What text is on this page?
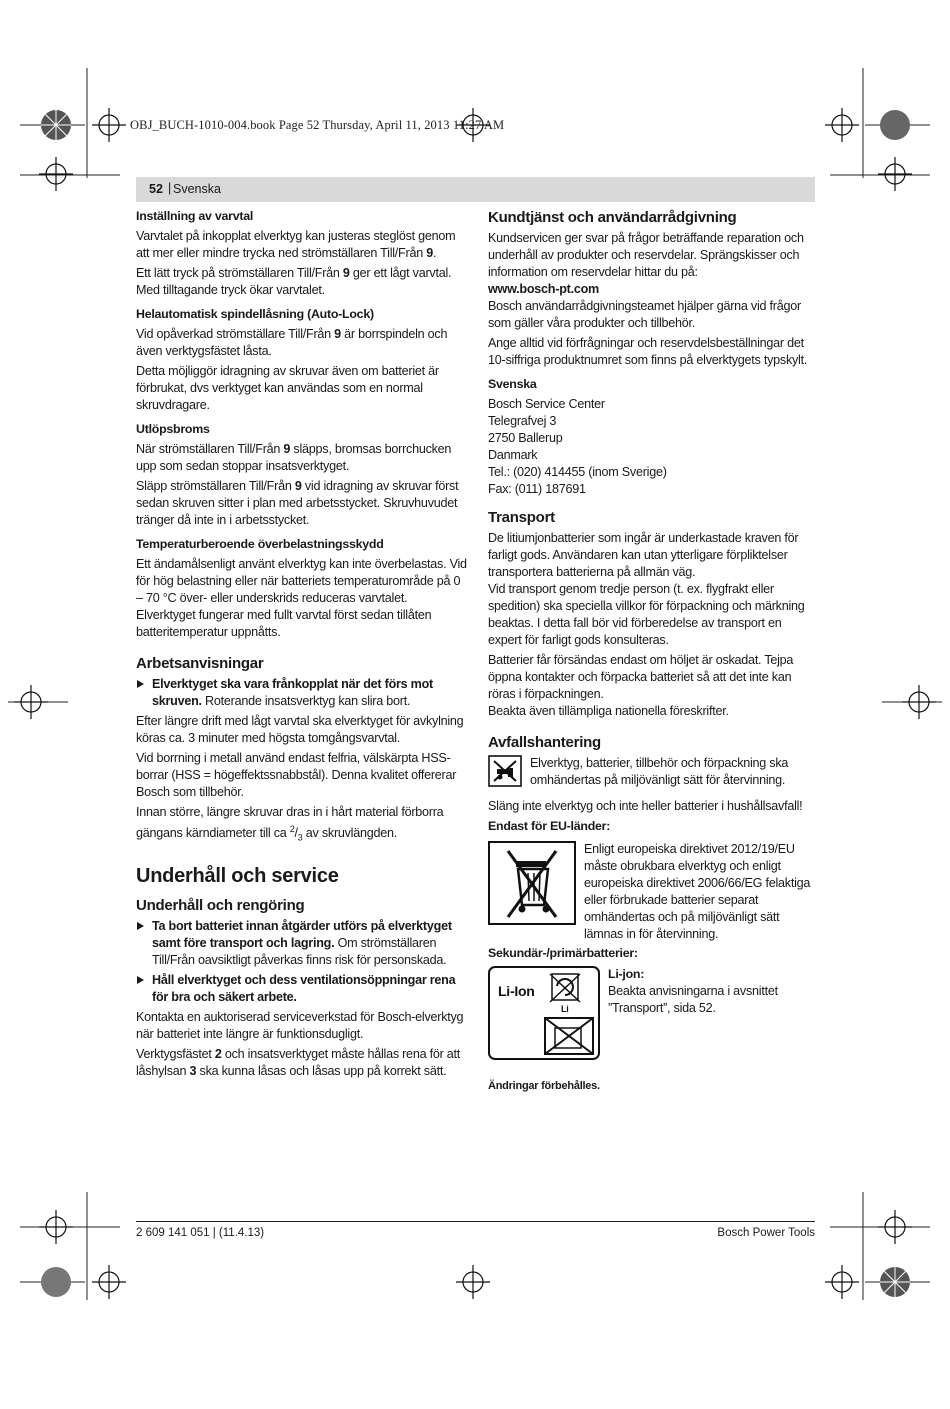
OBJ_BUCH-1010-004.book Page 52 Thursday, April 11, 2013 11:27 AM
52 | Svenska
Inställning av varvtal

Varvtalet på inkopplat elverktyg kan justeras steglöst genom att mer eller mindre trycka ned strömställaren Till/Från 9.

Ett lätt tryck på strömställaren Till/Från 9 ger ett lågt varvtal. Med tilltagande tryck ökar varvtalet.

Helautomatisk spindellåsning (Auto-Lock)

Vid opåverkad strömställare Till/Från 9 är borrspindeln och även verktygsfästet låsta.

Detta möjliggör idragning av skruvar även om batteriet är förbrukat, dvs verktyget kan användas som en normal skruvdragare.

Utlöpsbroms

När strömställaren Till/Från 9 släpps, bromsas borrchucken upp som sedan stoppar insatsverktyget.

Släpp strömställaren Till/Från 9 vid idragning av skruvar först sedan skruven sitter i plan med arbetsstycket. Skruvhuvudet tränger då inte in i arbetsstycket.

Temperaturberoende överbelastningsskydd

Ett ändamålsenligt använt elverktyg kan inte överbelastas. Vid för hög belastning eller när batteriets temperaturområde på 0 – 70 °C över- eller underskrids reduceras varvtalet. Elverktyget fungerar med fullt varvtal först sedan tillåten batteritemperatur uppnåtts.

Arbetsanvisningar
Elverktyget ska vara frånkopplat när det förs mot skruven. Roterande insatsverktyg kan slira bort.

Efter längre drift med lågt varvtal ska elverktyget för avkylning köras ca. 3 minuter med högsta tomgångsvarvtal.

Vid borrning i metall använd endast felfria, välskärpta HSS-borrar (HSS = högeffektssnabbstål). Denna kvalitet offererar Bosch som tillbehör.

Innan större, längre skruvar dras in i hårt material förborra gängans kärndiameter till ca $^2/_3$ av skruvlängden.

Underhåll och service
Underhåll och rengöring
Ta bort batteriet innan åtgärder utförs på elverktyget samt före transport och lagring. Om strömställaren Till/Från oavsiktligt påverkas finns risk för personskada.
Håll elverktyget och dess ventilationsöppningar rena för bra och säkert arbete.

Kontakta en auktoriserad serviceverkstad för Bosch-elverktyg när batteriet inte längre är funktionsdugligt.

Verktygsfästet 2 och insatsverktyget måste hållas rena för att låshylsan 3 ska kunna låsas och låsas upp på korrekt sätt.

Kundtjänst och användarrådgivning

Kundservicen ger svar på frågor beträffande reparation och underhåll av produkter och reservdelar. Sprängskisser och information om reservdelar hittar du på:

www.bosch-pt.com

Bosch användarrådgivningsteamet hjälper gärna vid frågor som gäller våra produkter och tillbehör.

Ange alltid vid förfrågningar och reservdelsbeställningar det 10-siffriga produktnumret som finns på elverktygets typskylt.

Svenska
Bosch Service Center
Telegrafvej 3
2750 Ballerup
Danmark
Tel.: (020) 414455 (inom Sverige)
Fax: (011) 187691
Transport

De litiumjonbatterier som ingår är underkastade kraven för farligt gods. Användaren kan utan ytterligare förpliktelser transportera batterierna på allmän väg.

Vid transport genom tredje person (t. ex. flygfrakt eller spedition) ska speciella villkor för förpackning och märkning beaktas. I detta fall bör vid förberedelse av transport en expert för farligt gods konsulteras.

Batterier får försändas endast om höljet är oskadat. Tejpa öppna kontakter och förpacka batteriet så att det inte kan röras i förpackningen.

Beakta även tillämpliga nationella föreskrifter.

Avfallshantering
Elverktyg, batterier, tillbehör och förpackning ska omhändertas på miljövänligt sätt för återvinning.

Släng inte elverktyg och inte heller batterier i hushållsavfall!

Endast för EU-länder:
Enligt europeiska direktivet 2012/19/EU måste obrukbara elverktyg och enligt europeiska direktivet 2006/66/EG felaktiga eller förbrukade batterier separat omhändertas och på miljövänligt sätt lämnas in för återvinning.
Sekundär-/primärbatterier:
Li-Ion
Li
Li-jon:
Beakta anvisningarna i avsnittet ”Transport”, sida 52.
Ändringar förbehålles.
2 609 141 051 | (11.4.13)	Bosch Power Tools
